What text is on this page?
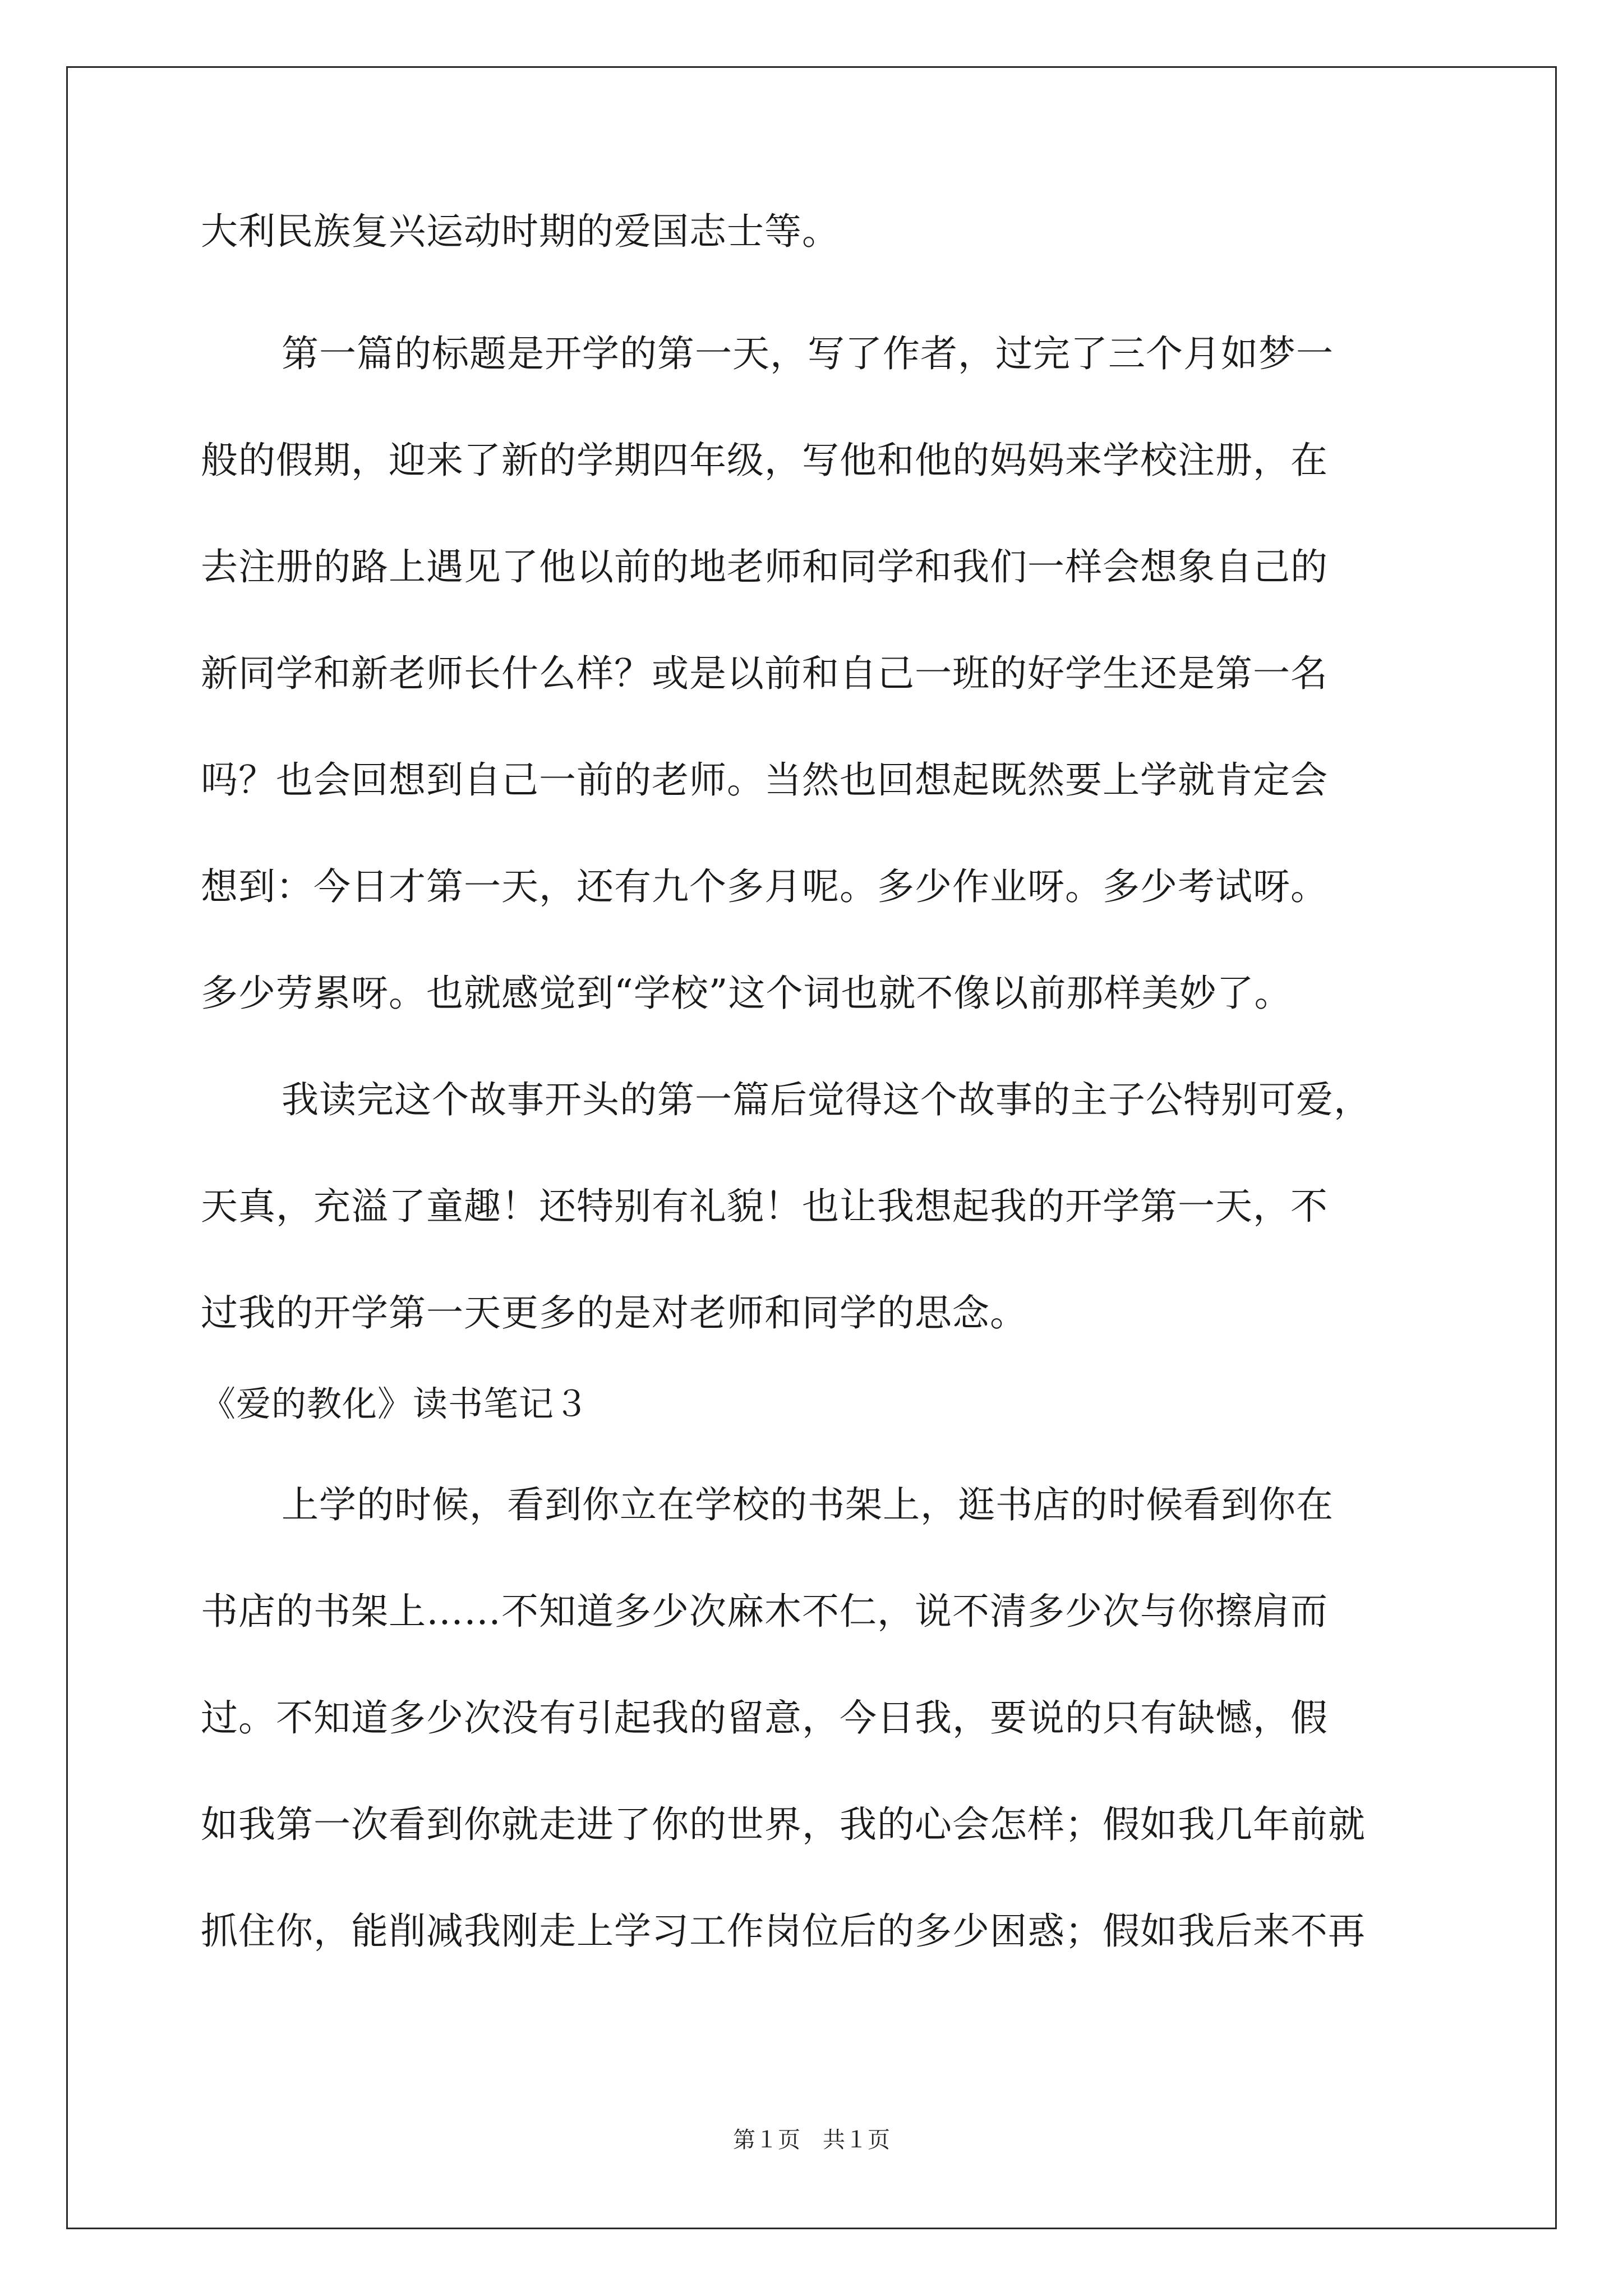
大利民族复兴运动时期的爱国志士等。
第一篇的标题是开学的第一天，写了作者，过完了三个月如梦一
般的假期，迎来了新的学期四年级，写他和他的妈妈来学校注册，在
去注册的路上遇见了他以前的地老师和同学和我们一样会想象自己的
新同学和新老师长什么样？或是以前和自己一班的好学生还是第一名
吗？也会回想到自己一前的老师。当然也回想起既然要上学就肯定会
想到：今日才第一天，还有九个多月呢。多少作业呀。多少考试呀。
多少劳累呀。也就感觉到“学校”这个词也就不像以前那样美妙了。
我读完这个故事开头的第一篇后觉得这个故事的主子公特别可爱，
天真，充溢了童趣！还特别有礼貌！也让我想起我的开学第一天，不
过我的开学第一天更多的是对老师和同学的思念。
《爱的教化》读书笔记３
上学的时候，看到你立在学校的书架上，逛书店的时候看到你在
书店的书架上……不知道多少次麻木不仁，说不清多少次与你擦肩而
过。不知道多少次没有引起我的留意，今日我，要说的只有缺憾，假
如我第一次看到你就走进了你的世界，我的心会怎样；假如我几年前就
抓住你，能削减我刚走上学习工作岗位后的多少困惑；假如我后来不再
第１页　共１页
